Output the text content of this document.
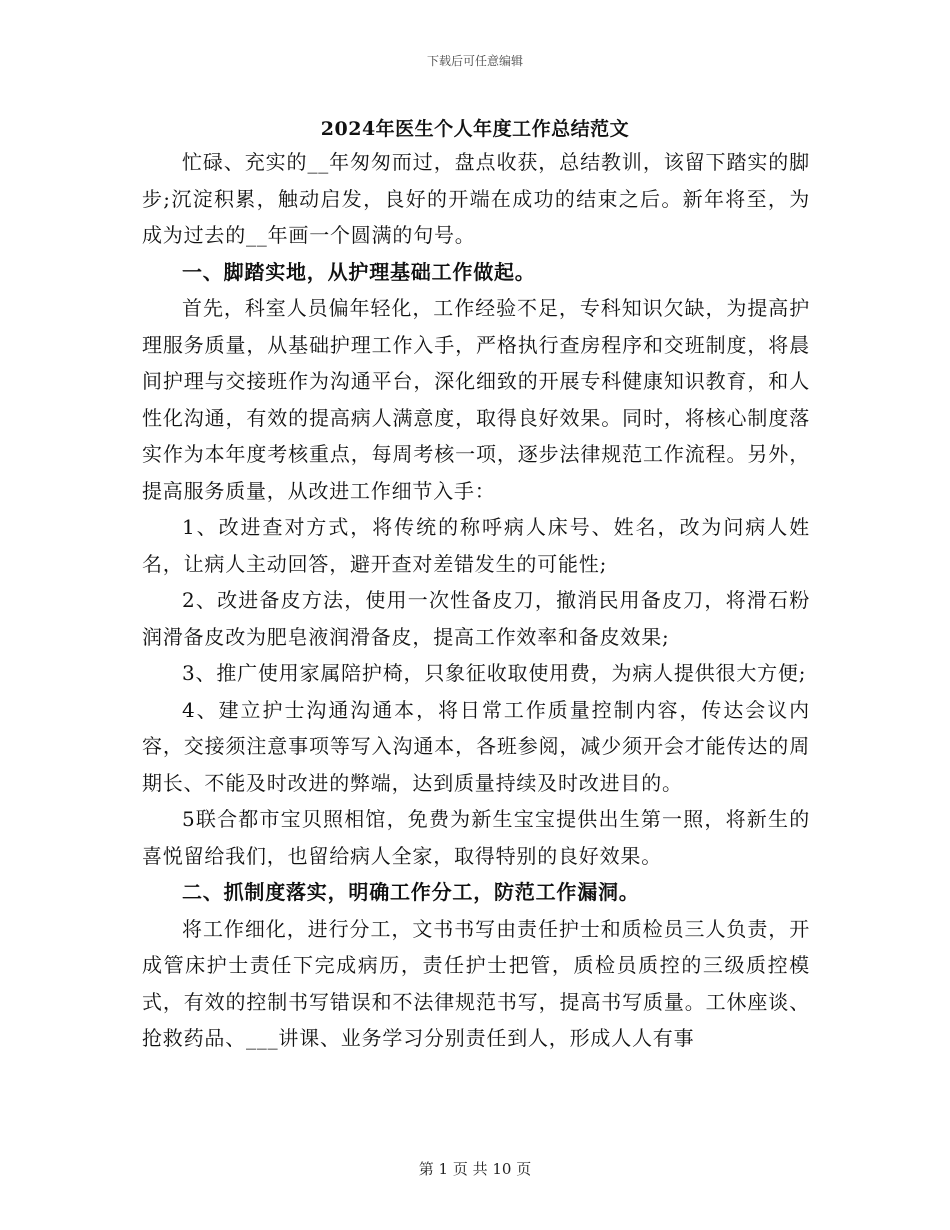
下载后可任意编辑
2024年医生个人年度工作总结范文

忙碌、充实的__年匆匆而过，盘点收获，总结教训，该留下踏实的脚步;沉淀积累，触动启发，良好的开端在成功的结束之后。新年将至，为成为过去的__年画一个圆满的句号。

一、脚踏实地，从护理基础工作做起。

首先，科室人员偏年轻化，工作经验不足，专科知识欠缺，为提高护理服务质量，从基础护理工作入手，严格执行查房程序和交班制度，将晨间护理与交接班作为沟通平台，深化细致的开展专科健康知识教育，和人性化沟通，有效的提高病人满意度，取得良好效果。同时，将核心制度落实作为本年度考核重点，每周考核一项，逐步法律规范工作流程。另外，提高服务质量，从改进工作细节入手：

1、改进查对方式，将传统的称呼病人床号、姓名，改为问病人姓名，让病人主动回答，避开查对差错发生的可能性;

2、改进备皮方法，使用一次性备皮刀，撤消民用备皮刀，将滑石粉润滑备皮改为肥皂液润滑备皮，提高工作效率和备皮效果;

3、推广使用家属陪护椅，只象征收取使用费，为病人提供很大方便;

4、建立护士沟通沟通本，将日常工作质量控制内容，传达会议内容，交接须注意事项等写入沟通本，各班参阅，减少须开会才能传达的周期长、不能及时改进的弊端，达到质量持续及时改进目的。

5联合都市宝贝照相馆，免费为新生宝宝提供出生第一照，将新生的喜悦留给我们，也留给病人全家，取得特别的良好效果。

二、抓制度落实，明确工作分工，防范工作漏洞。

将工作细化，进行分工，文书书写由责任护士和质检员三人负责，开成管床护士责任下完成病历，责任护士把管，质检员质控的三级质控模式，有效的控制书写错误和不法律规范书写，提高书写质量。工休座谈、抢救药品、___讲课、业务学习分别责任到人，形成人人有事

第 1 页 共 10 页
